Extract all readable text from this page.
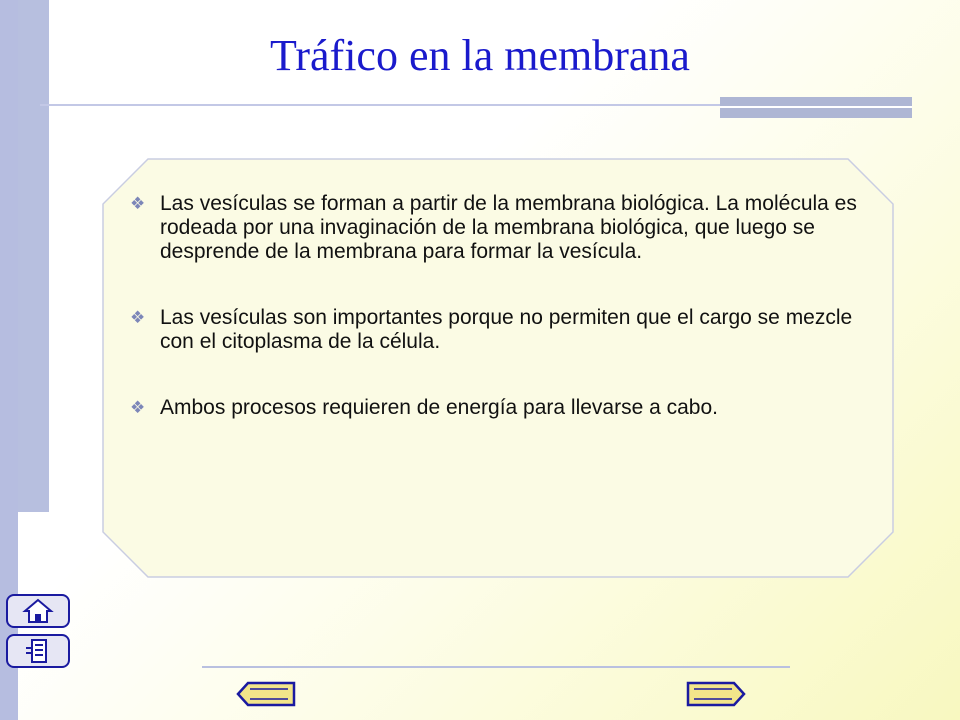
Tráfico en la membrana
❖ Las vesículas se forman a partir de la membrana biológica. La molécula es rodeada por una invaginación de la membrana biológica, que luego se desprende de la membrana para formar la vesícula.
❖ Las vesículas son importantes porque no permiten que el cargo se mezcle con el citoplasma de la célula.
❖ Ambos procesos requieren de energía para llevarse a cabo.
